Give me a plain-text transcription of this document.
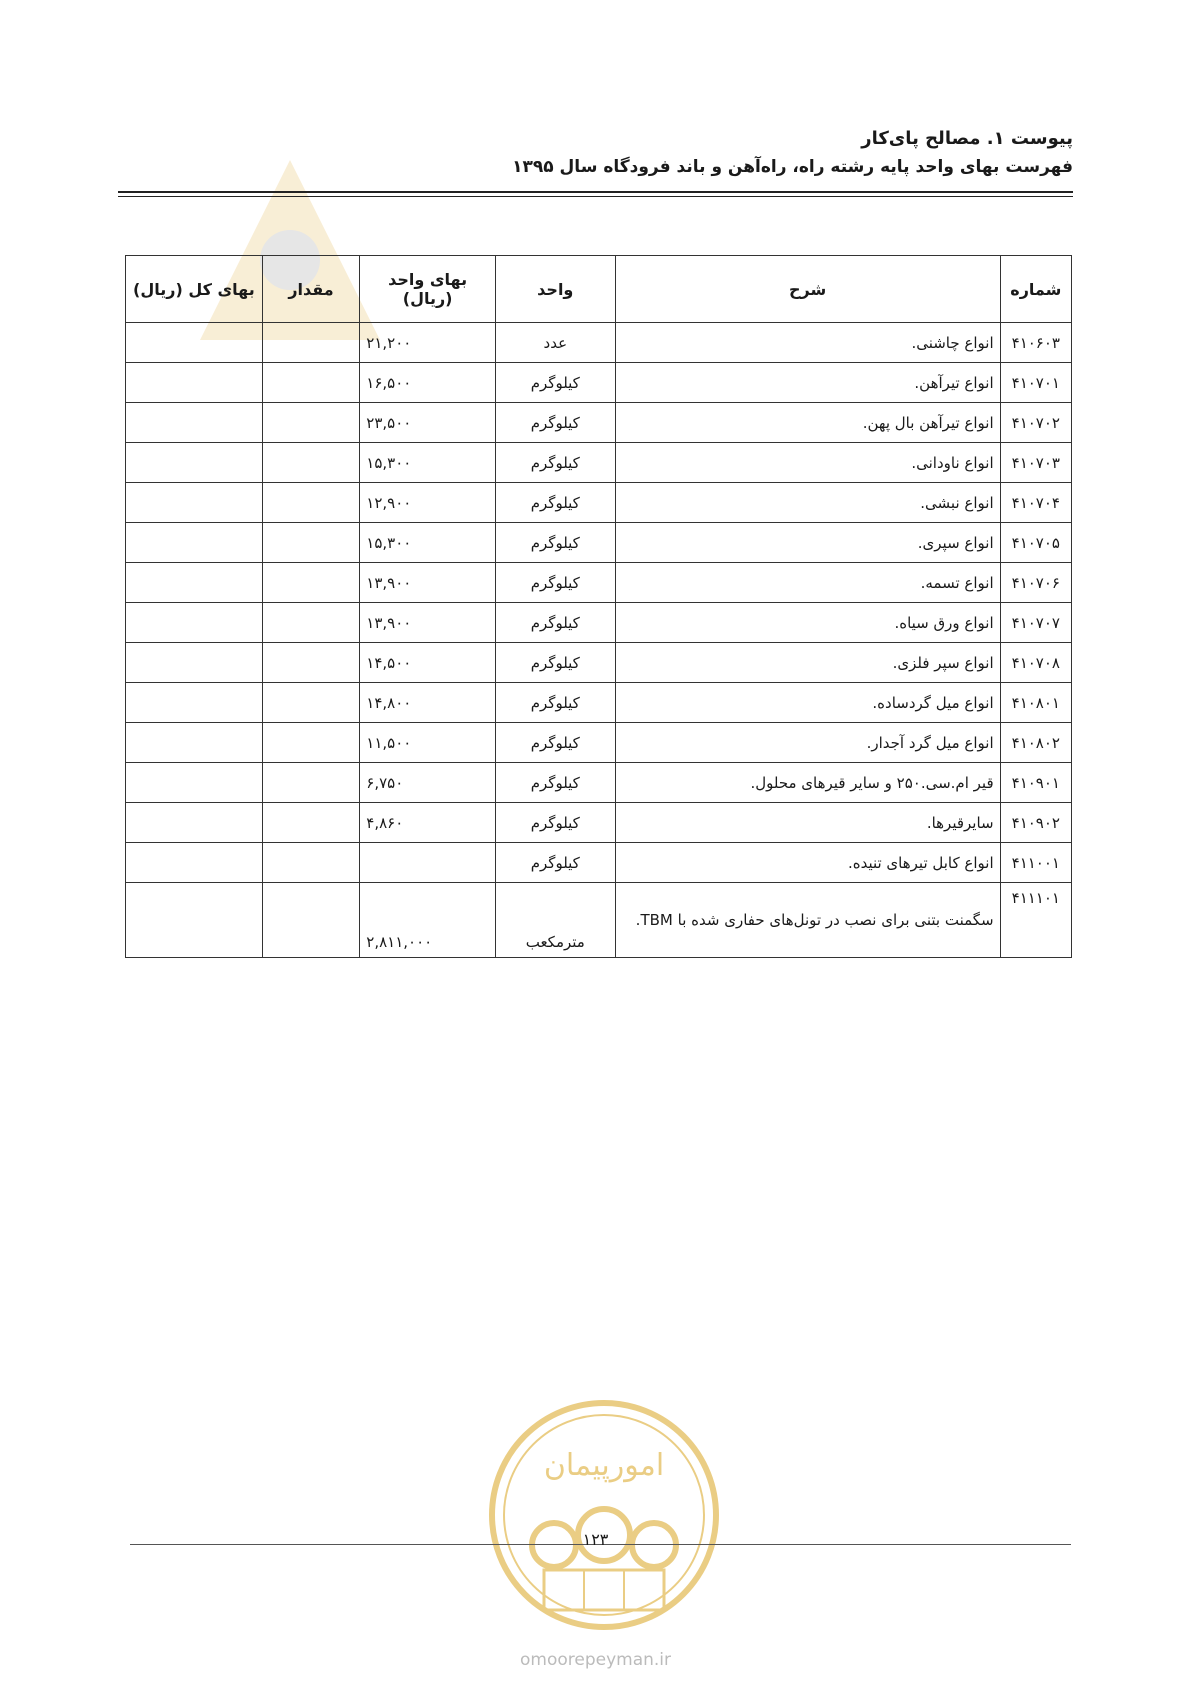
پیوست ۱. مصالح پای‌کار

فهرست بهای واحد پایه رشته راه، راه‌آهن و باند فرودگاه سال ۱۳۹۵

شماره	شرح	واحد	بهای واحد (ریال)	مقدار	بهای کل (ریال)
۴۱۰۶۰۳	انواع چاشنی.	عدد	۲۱,۲۰۰		
۴۱۰۷۰۱	انواع تیرآهن.	کیلوگرم	۱۶,۵۰۰		
۴۱۰۷۰۲	انواع تیرآهن بال پهن.	کیلوگرم	۲۳,۵۰۰		
۴۱۰۷۰۳	انواع ناودانی.	کیلوگرم	۱۵,۳۰۰		
۴۱۰۷۰۴	انواع نبشی.	کیلوگرم	۱۲,۹۰۰		
۴۱۰۷۰۵	انواع سپری.	کیلوگرم	۱۵,۳۰۰		
۴۱۰۷۰۶	انواع تسمه.	کیلوگرم	۱۳,۹۰۰		
۴۱۰۷۰۷	انواع ورق سیاه.	کیلوگرم	۱۳,۹۰۰		
۴۱۰۷۰۸	انواع سپر فلزی.	کیلوگرم	۱۴,۵۰۰		
۴۱۰۸۰۱	انواع میل گردساده.	کیلوگرم	۱۴,۸۰۰		
۴۱۰۸۰۲	انواع میل گرد آجدار.	کیلوگرم	۱۱,۵۰۰		
۴۱۰۹۰۱	قیر ام.سی.۲۵۰ و سایر قیرهای محلول.	کیلوگرم	۶,۷۵۰		
۴۱۰۹۰۲	سایرقیرها.	کیلوگرم	۴,۸۶۰		
۴۱۱۰۰۱	انواع کابل تیرهای تنیده.	کیلوگرم			
۴۱۱۱۰۱	سگمنت بتنی برای نصب در تونل‌های حفاری شده با TBM.	مترمکعب	۲,۸۱۱,۰۰۰		
امورپیمان
۱۲۳
omoorepeyman.ir
